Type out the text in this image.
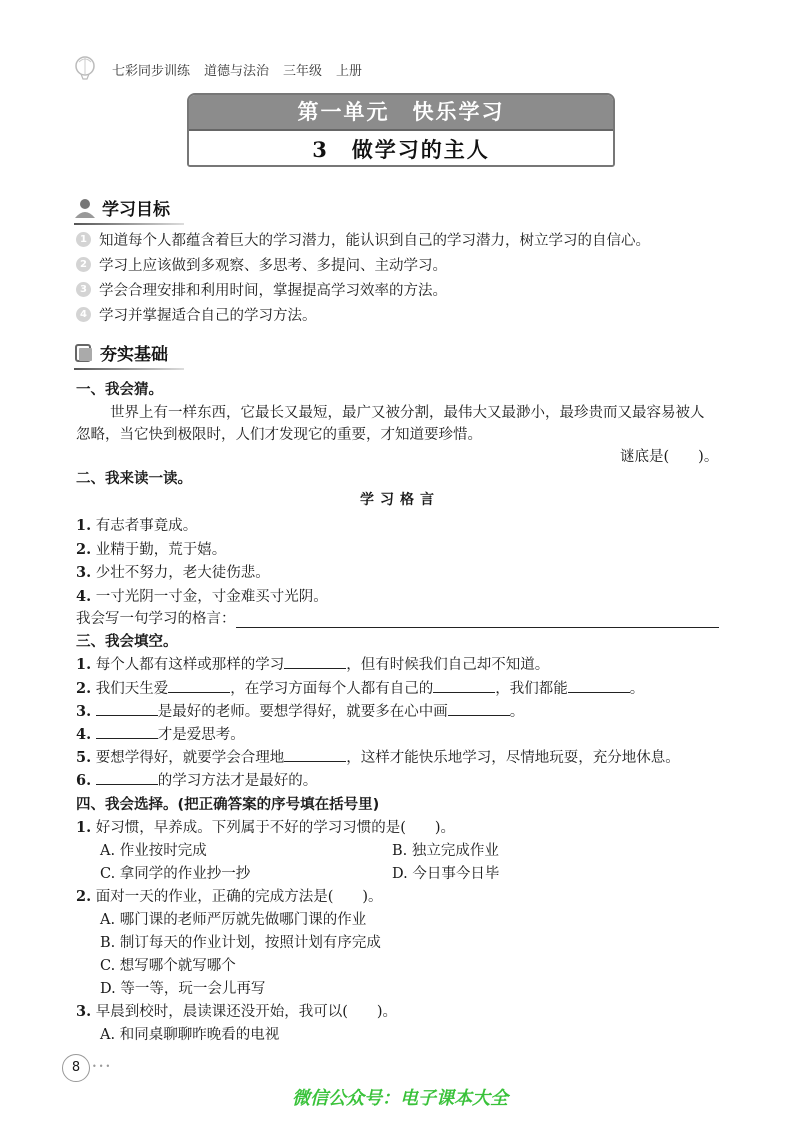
七彩同步训练 道德与法治 三年级 上册
第一单元　快乐学习
3　做学习的主人
学习目标
1 知道每个人都蕴含着巨大的学习潜力，能认识到自己的学习潜力，树立学习的自信心。
2 学习上应该做到多观察、多思考、多提问、主动学习。
3 学会合理安排和利用时间，掌握提高学习效率的方法。
4 学习并掌握适合自己的学习方法。
夯实基础
一、我会猜。
世界上有一样东西，它最长又最短，最广又被分割，最伟大又最渺小，最珍贵而又最容易被人
忽略，当它快到极限时，人们才发现它的重要，才知道要珍惜。
谜底是(　　)。
二、我来读一读。
学习格言
1. 有志者事竟成。
2. 业精于勤，荒于嬉。
3. 少壮不努力，老大徒伤悲。
4. 一寸光阴一寸金，寸金难买寸光阴。
我会写一句学习的格言：
三、我会填空。
1. 每个人都有这样或那样的学习	，但有时候我们自己却不知道。
2. 我们天生爱	，在学习方面每个人都有自己的	，我们都能	。
3.	是最好的老师。要想学得好，就要多在心中画	。
4.	才是爱思考。
5. 要想学得好，就要学会合理地	，这样才能快乐地学习，尽情地玩耍，充分地休息。
6.	的学习方法才是最好的。
四、我会选择。(把正确答案的序号填在括号里)
1. 好习惯，早养成。下列属于不好的学习习惯的是(　　)。
A. 作业按时完成	B. 独立完成作业
C. 拿同学的作业抄一抄	D. 今日事今日毕
2. 面对一天的作业，正确的完成方法是(　　)。
A. 哪门课的老师严厉就先做哪门课的作业
B. 制订每天的作业计划，按照计划有序完成
C. 想写哪个就写哪个
D. 等一等，玩一会儿再写
3. 早晨到校时，晨读课还没开始，我可以(　　)。
A. 和同桌聊聊昨晚看的电视
8	•••
微信公众号：电子课本大全
